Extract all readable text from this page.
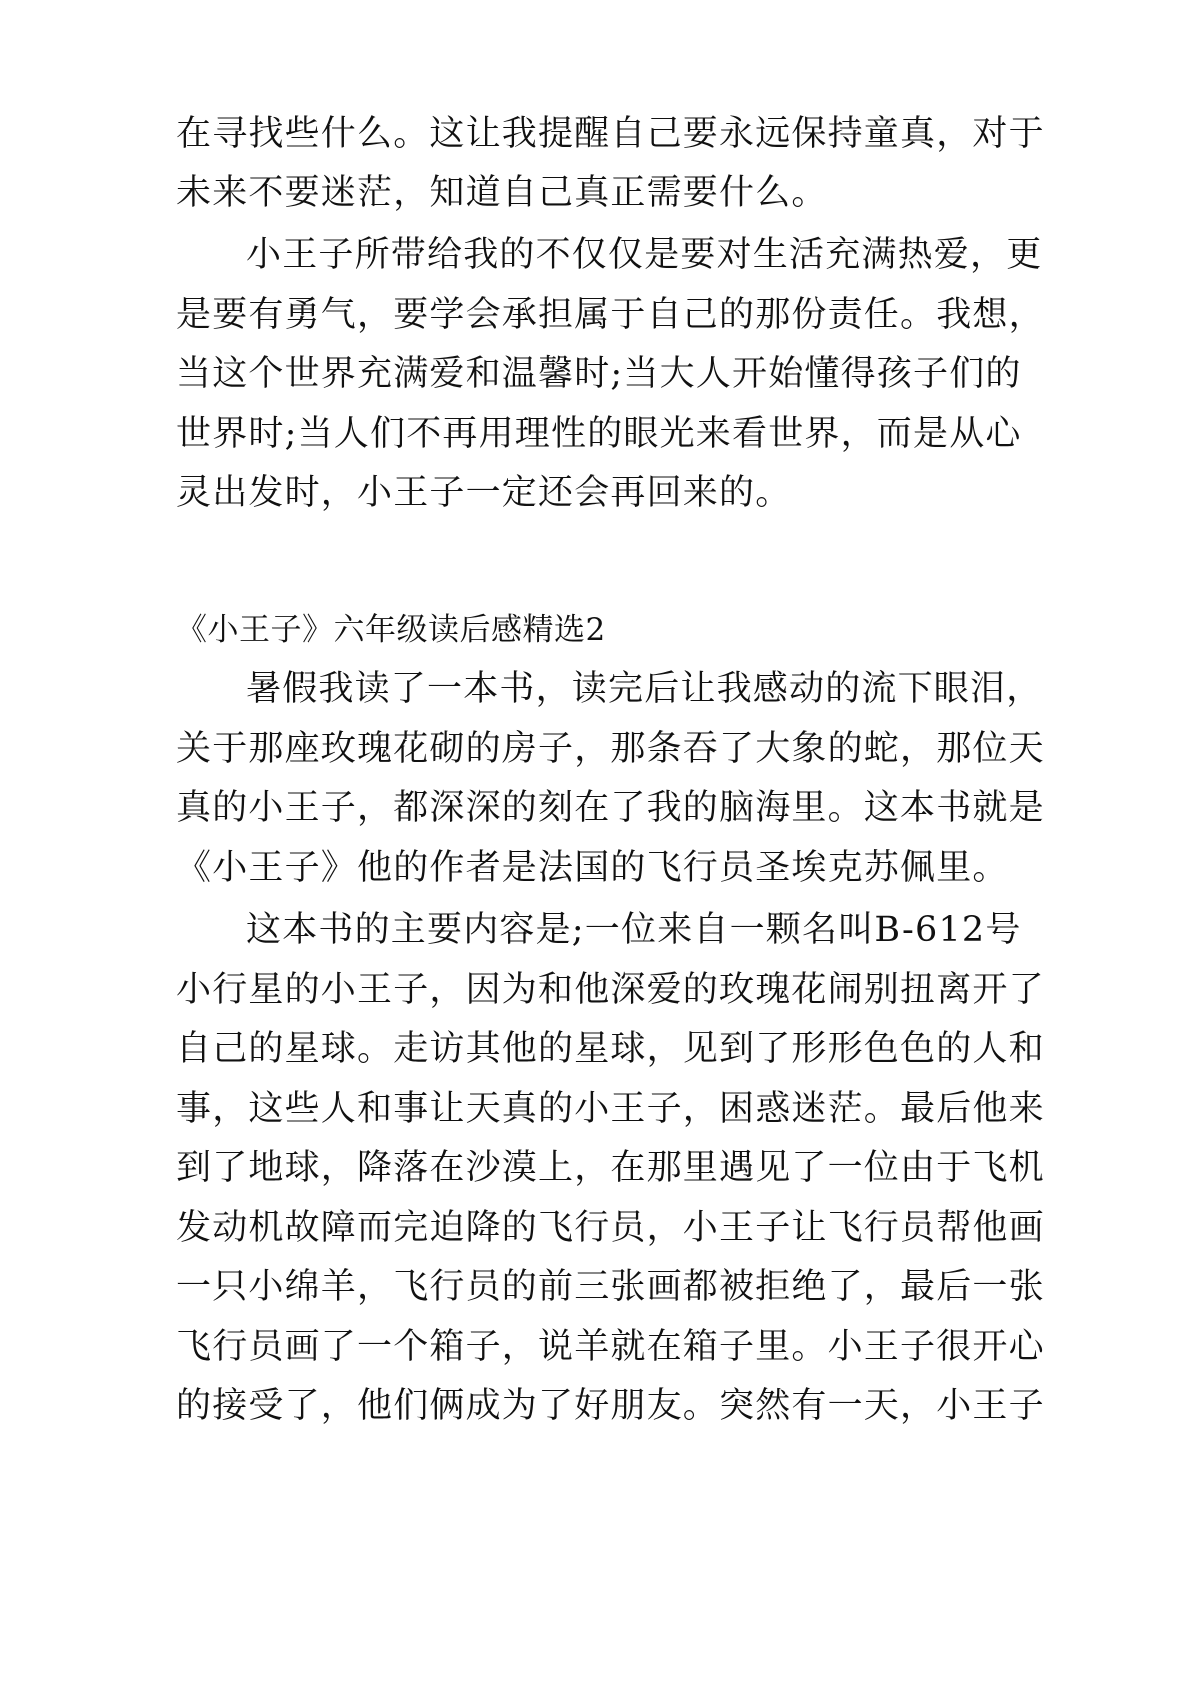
在寻找些什么。这让我提醒自己要永远保持童真，对于
未来不要迷茫，知道自己真正需要什么。
小王子所带给我的不仅仅是要对生活充满热爱，更
是要有勇气，要学会承担属于自己的那份责任。我想，
当这个世界充满爱和温馨时;当大人开始懂得孩子们的
世界时;当人们不再用理性的眼光来看世界，而是从心
灵出发时，小王子一定还会再回来的。
《小王子》六年级读后感精选2
暑假我读了一本书，读完后让我感动的流下眼泪，
关于那座玫瑰花砌的房子，那条吞了大象的蛇，那位天
真的小王子，都深深的刻在了我的脑海里。这本书就是
《小王子》他的作者是法国的飞行员圣埃克苏佩里。
这本书的主要内容是;一位来自一颗名叫B-612号
小行星的小王子，因为和他深爱的玫瑰花闹别扭离开了
自己的星球。走访其他的星球，见到了形形色色的人和
事，这些人和事让天真的小王子，困惑迷茫。最后他来
到了地球，降落在沙漠上，在那里遇见了一位由于飞机
发动机故障而完迫降的飞行员，小王子让飞行员帮他画
一只小绵羊，飞行员的前三张画都被拒绝了，最后一张
飞行员画了一个箱子，说羊就在箱子里。小王子很开心
的接受了，他们俩成为了好朋友。突然有一天，小王子
